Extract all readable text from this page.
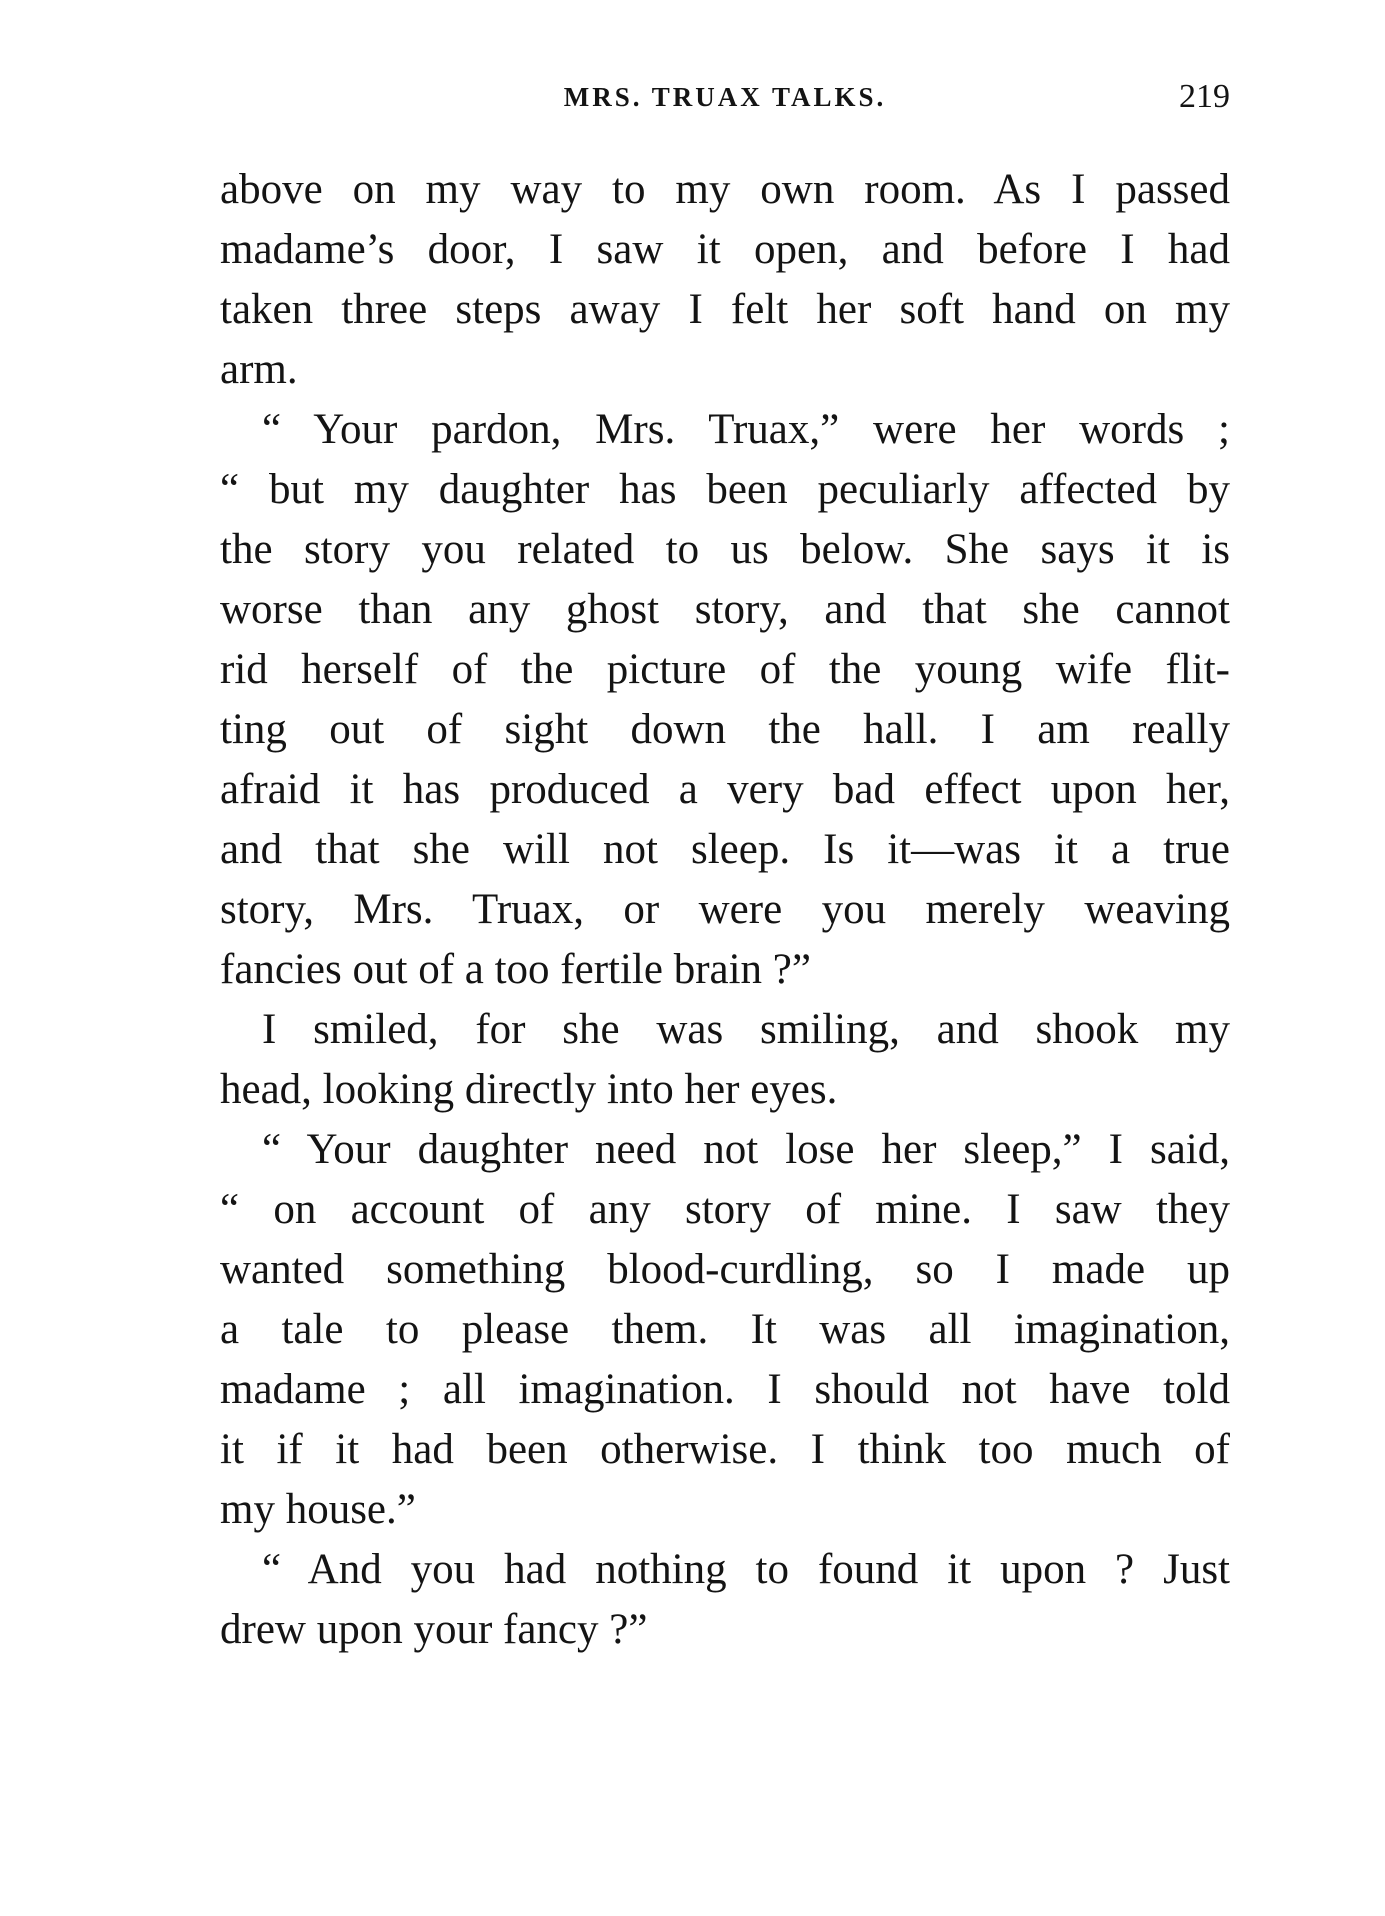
MRS. TRUAX TALKS.	219
above on my way to my own room. As I passed
madame’s door, I saw it open, and before I had
taken three steps away I felt her soft hand on my
arm.
“ Your pardon, Mrs. Truax,” were her words ;
“ but my daughter has been peculiarly affected by
the story you related to us below. She says it is
worse than any ghost story, and that she cannot
rid herself of the picture of the young wife flit-
ting out of sight down the hall. I am really
afraid it has produced a very bad effect upon her,
and that she will not sleep. Is it—was it a true
story, Mrs. Truax, or were you merely weaving
fancies out of a too fertile brain ?”
I smiled, for she was smiling, and shook my
head, looking directly into her eyes.
“ Your daughter need not lose her sleep,” I said,
“ on account of any story of mine. I saw they
wanted something blood-curdling, so I made up
a tale to please them. It was all imagination,
madame ; all imagination. I should not have told
it if it had been otherwise. I think too much of
my house.”
“ And you had nothing to found it upon ? Just
drew upon your fancy ?”
